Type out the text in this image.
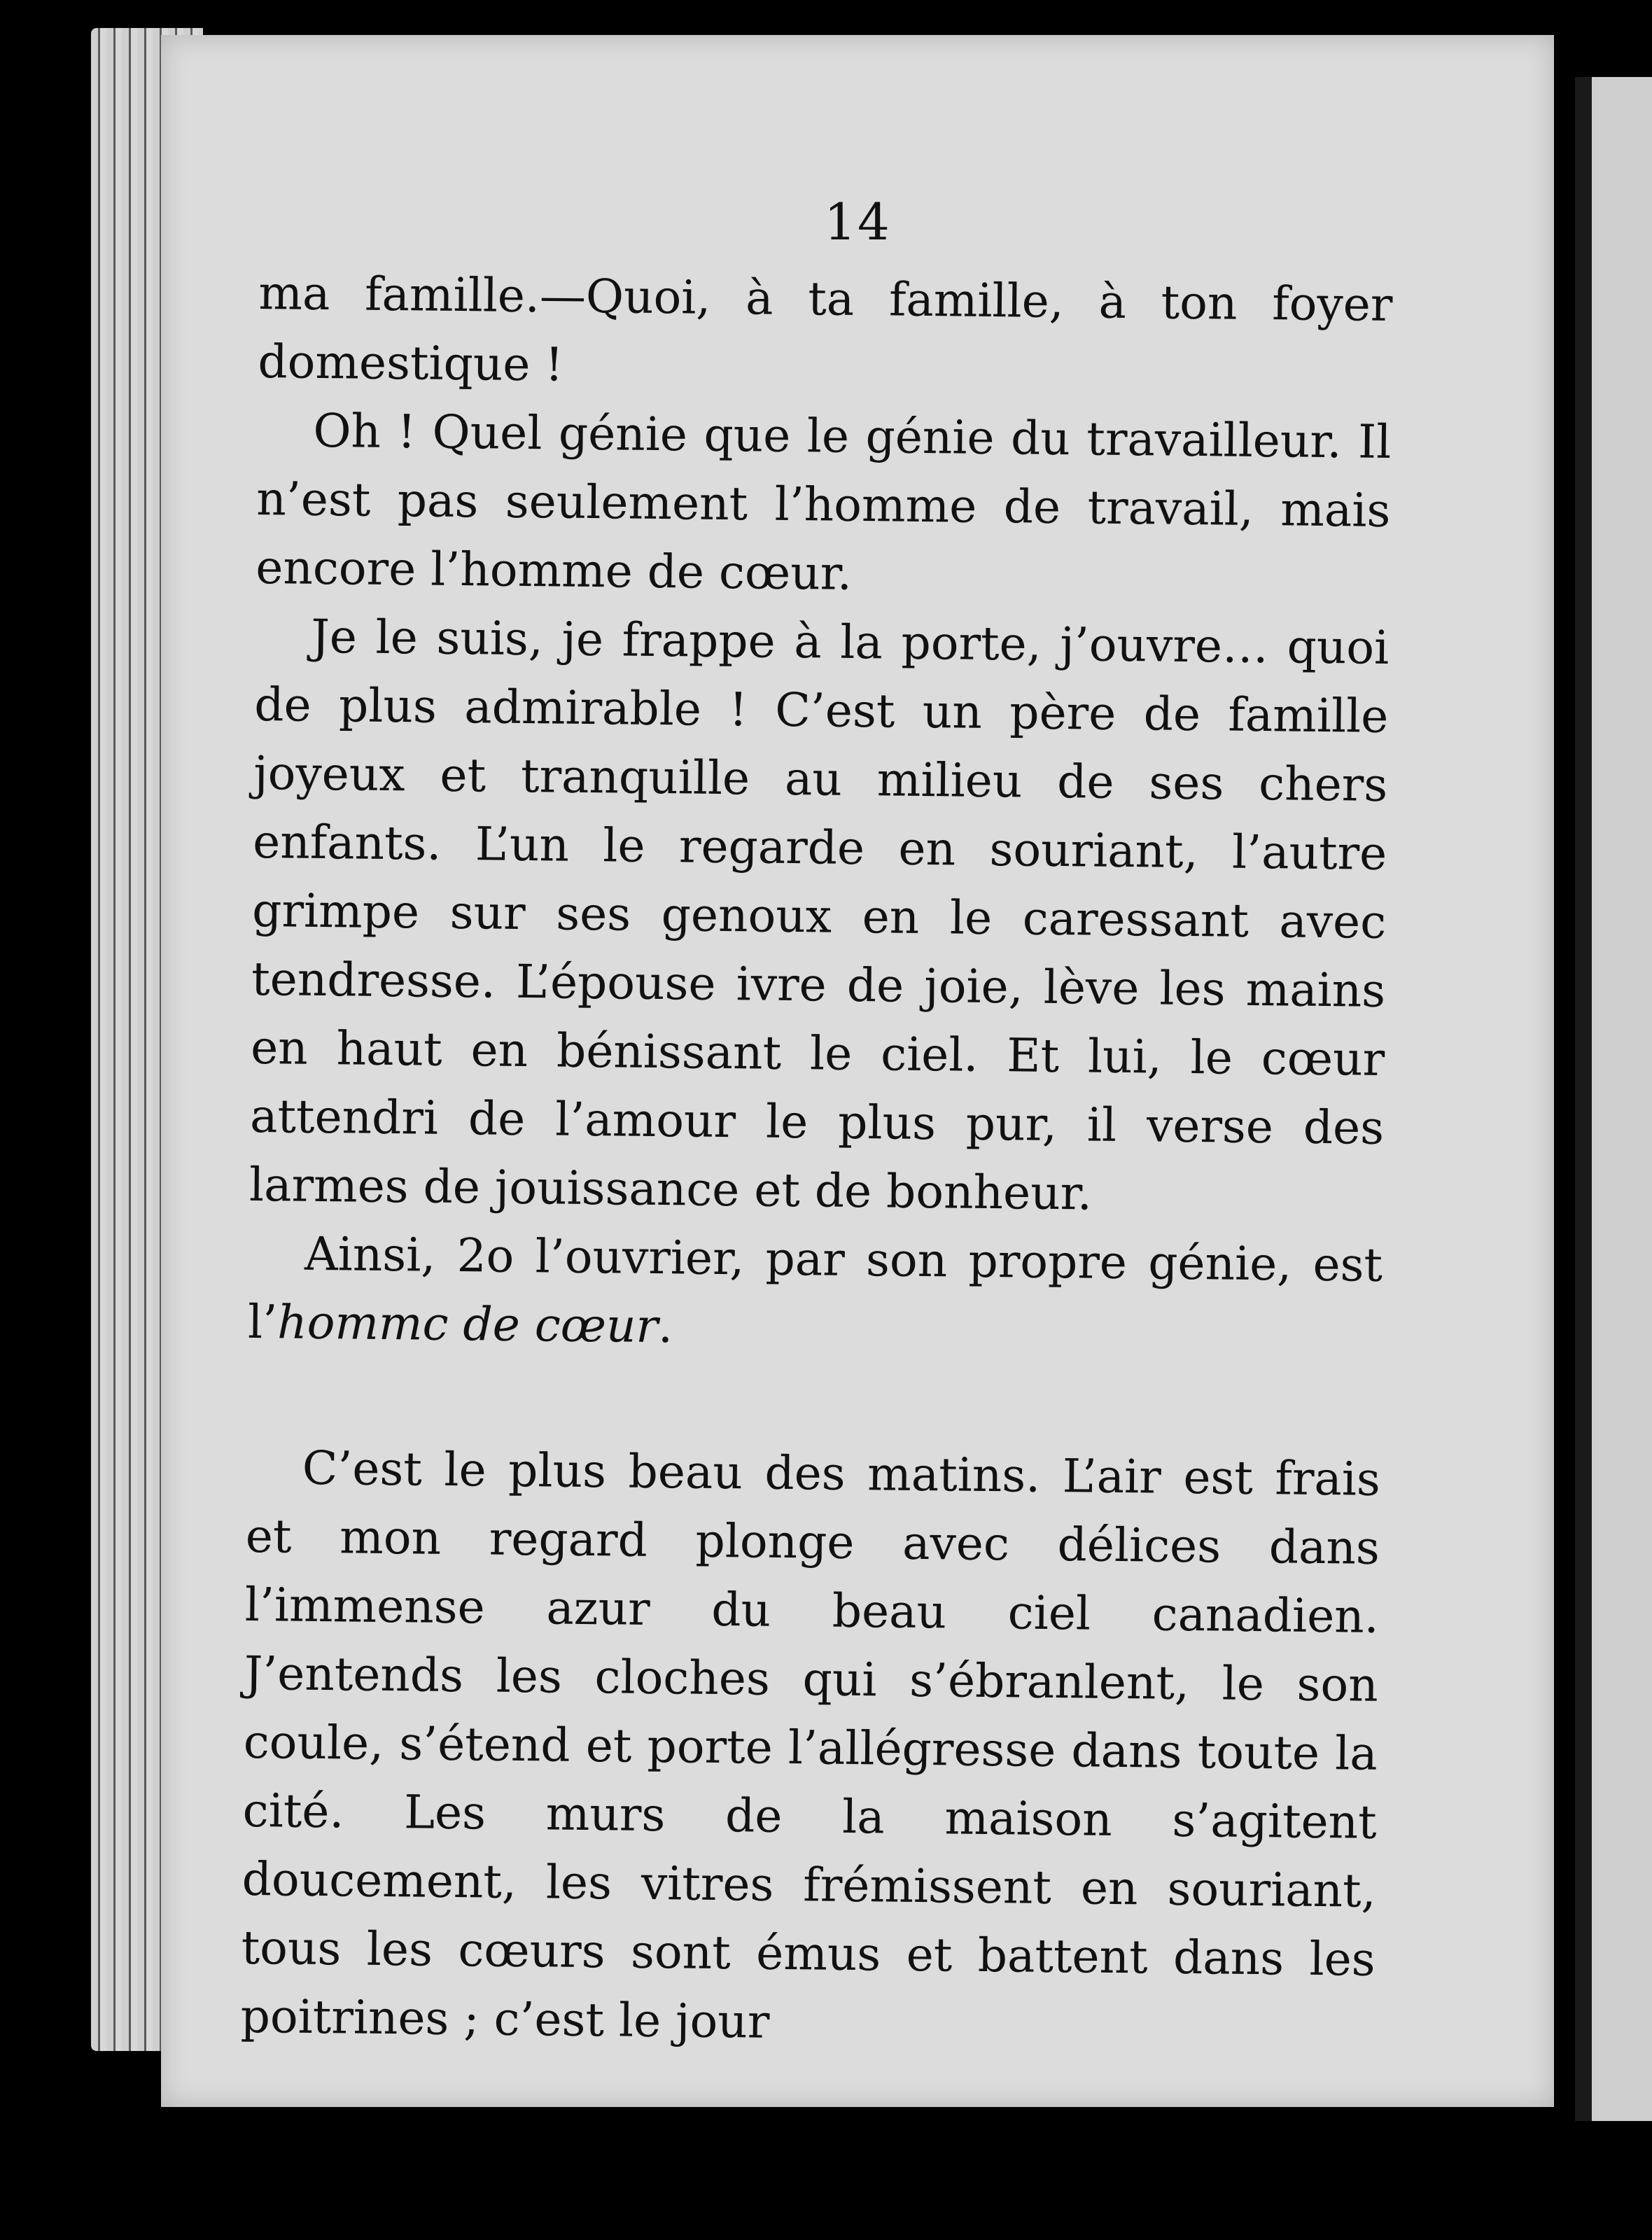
14

ma famille.—Quoi, à ta famille, à ton foyer domestique !

Oh ! Quel génie que le génie du travailleur. Il n’est pas seulement l’homme de travail, mais encore l’homme de cœur.

Je le suis, je frappe à la porte, j’ouvre… quoi de plus admirable ! C’est un père de famille joyeux et tranquille au milieu de ses chers enfants. L’un le regarde en souriant, l’autre grimpe sur ses genoux en le caressant avec tendresse. L’épouse ivre de joie, lève les mains en haut en bénissant le ciel. Et lui, le cœur attendri de l’amour le plus pur, il verse des larmes de jouissance et de bonheur.

Ainsi, 2o l’ouvrier, par son propre génie, est l’hommc de cœur.

C’est le plus beau des matins. L’air est frais et mon regard plonge avec délices dans l’immense azur du beau ciel canadien. J’entends les cloches qui s’ébranlent, le son coule, s’étend et porte l’allégresse dans toute la cité. Les murs de la maison s’agitent doucement, les vitres frémissent en souriant, tous les cœurs sont émus et battent dans les poitrines ; c’est le jour
